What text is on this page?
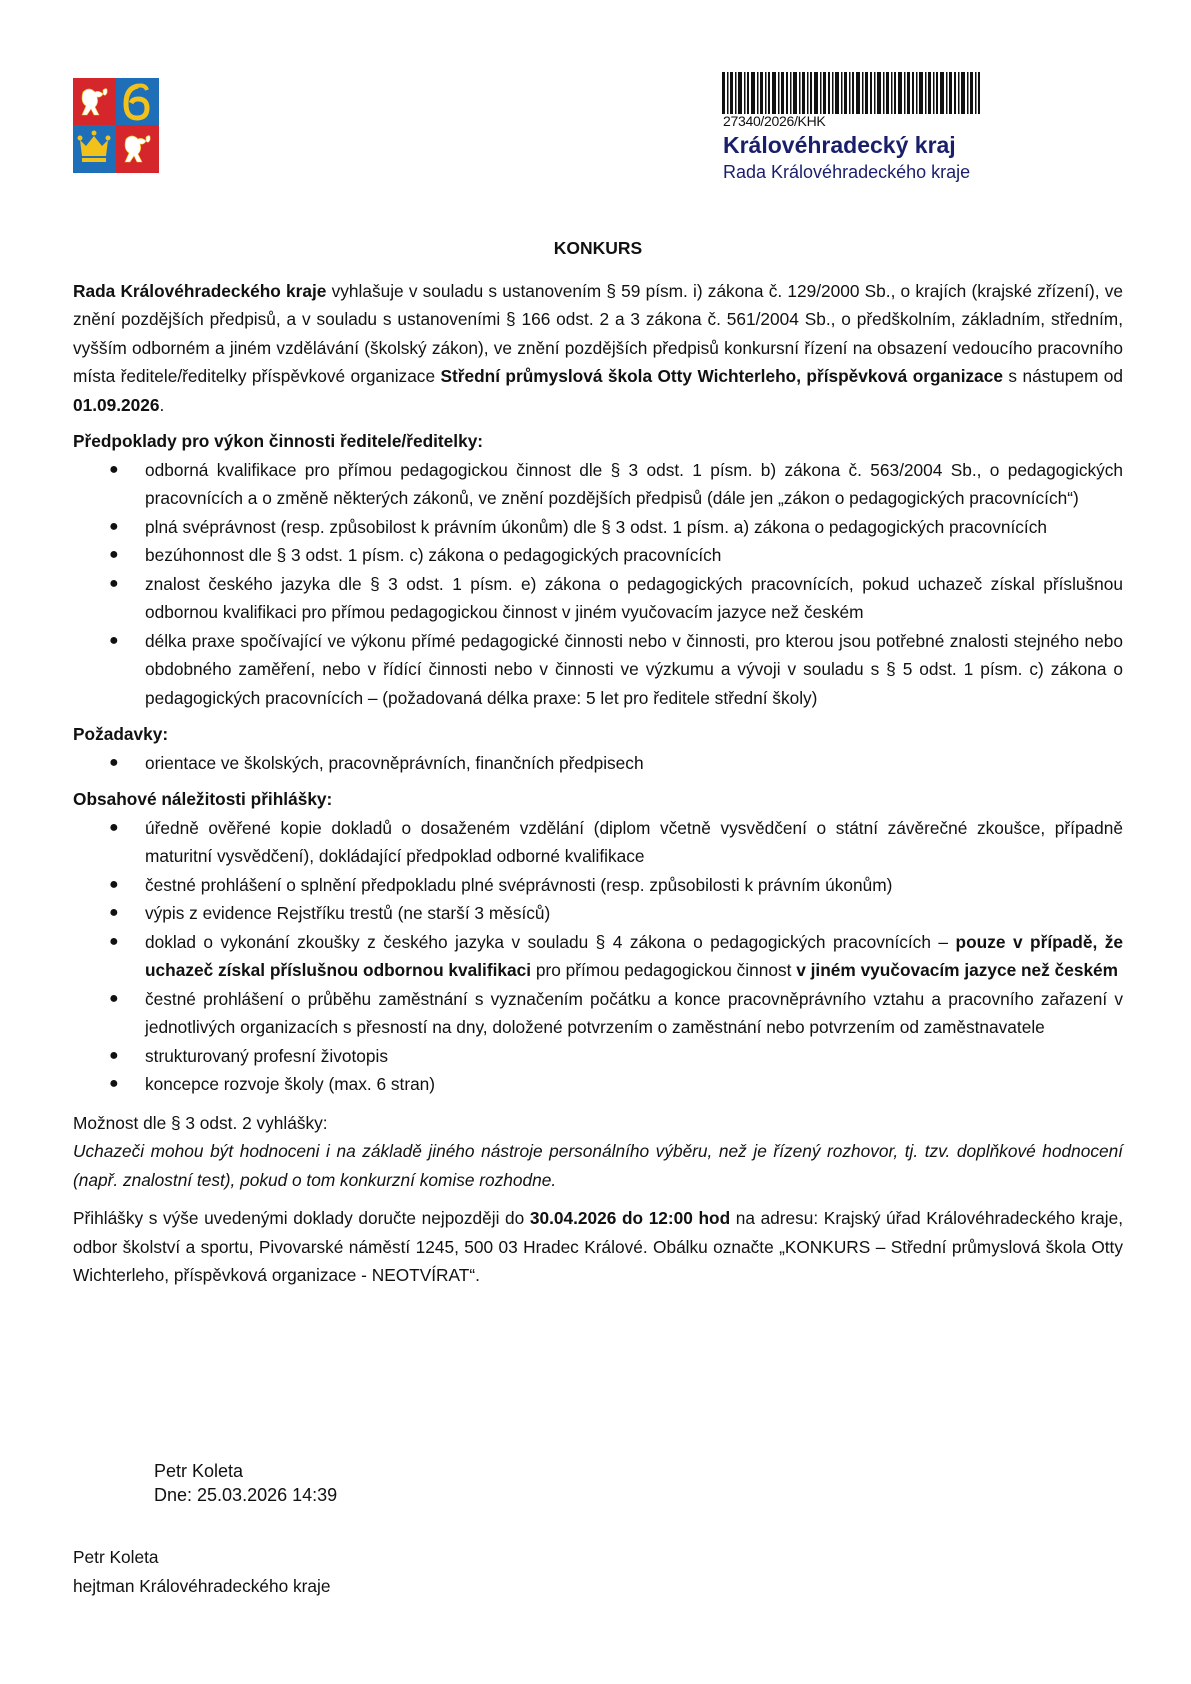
27340/2026/KHK
Královéhradecký kraj
Rada Královéhradeckého kraje
KONKURS

Rada Královéhradeckého kraje vyhlašuje v souladu s ustanovením § 59 písm. i) zákona č. 129/2000 Sb., o krajích (krajské zřízení), ve znění pozdějších předpisů, a v souladu s ustanoveními § 166 odst. 2 a 3 zákona č. 561/2004 Sb., o předškolním, základním, středním, vyšším odborném a jiném vzdělávání (školský zákon), ve znění pozdějších předpisů konkursní řízení na obsazení vedoucího pracovního místa ředitele/ředitelky příspěvkové organizace Střední průmyslová škola Otty Wichterleho, příspěvková organizace s nástupem od 01.09.2026.

Předpoklady pro výkon činnosti ředitele/ředitelky:
● odborná kvalifikace pro přímou pedagogickou činnost dle § 3 odst. 1 písm. b) zákona č. 563/2004 Sb., o pedagogických pracovnících a o změně některých zákonů, ve znění pozdějších předpisů (dále jen „zákon o pedagogických pracovnících“)
● plná svéprávnost (resp. způsobilost k právním úkonům) dle § 3 odst. 1 písm. a) zákona o pedagogických pracovnících
● bezúhonnost dle § 3 odst. 1 písm. c) zákona o pedagogických pracovnících
● znalost českého jazyka dle § 3 odst. 1 písm. e) zákona o pedagogických pracovnících, pokud uchazeč získal příslušnou odbornou kvalifikaci pro přímou pedagogickou činnost v jiném vyučovacím jazyce než českém
● délka praxe spočívající ve výkonu přímé pedagogické činnosti nebo v činnosti, pro kterou jsou potřebné znalosti stejného nebo obdobného zaměření, nebo v řídící činnosti nebo v činnosti ve výzkumu a vývoji v souladu s § 5 odst. 1 písm. c) zákona o pedagogických pracovnících – (požadovaná délka praxe: 5 let pro ředitele střední školy)
Požadavky:
● orientace ve školských, pracovněprávních, finančních předpisech
Obsahové náležitosti přihlášky:
● úředně ověřené kopie dokladů o dosaženém vzdělání (diplom včetně vysvědčení o státní závěrečné zkoušce, případně maturitní vysvědčení), dokládající předpoklad odborné kvalifikace
● čestné prohlášení o splnění předpokladu plné svéprávnosti (resp. způsobilosti k právním úkonům)
● výpis z evidence Rejstříku trestů (ne starší 3 měsíců)
● doklad o vykonání zkoušky z českého jazyka v souladu § 4 zákona o pedagogických pracovnících – pouze v případě, že uchazeč získal příslušnou odbornou kvalifikaci pro přímou pedagogickou činnost v jiném vyučovacím jazyce než českém
● čestné prohlášení o průběhu zaměstnání s vyznačením počátku a konce pracovněprávního vztahu a pracovního zařazení v jednotlivých organizacích s přesností na dny, doložené potvrzením o zaměstnání nebo potvrzením od zaměstnavatele
● strukturovaný profesní životopis
● koncepce rozvoje školy (max. 6 stran)
Možnost dle § 3 odst. 2 vyhlášky:
Uchazeči mohou být hodnoceni i na základě jiného nástroje personálního výběru, než je řízený rozhovor, tj. tzv. doplňkové hodnocení (např. znalostní test), pokud o tom konkurzní komise rozhodne.

Přihlášky s výše uvedenými doklady doručte nejpozději do 30.04.2026 do 12:00 hod na adresu: Krajský úřad Královéhradeckého kraje, odbor školství a sportu, Pivovarské náměstí 1245, 500 03 Hradec Králové. Obálku označte „KONKURS – Střední průmyslová škola Otty Wichterleho, příspěvková organizace - NEOTVÍRAT“.

Petr Koleta
Dne: 25.03.2026 14:39
Petr Koleta
hejtman Královéhradeckého kraje
